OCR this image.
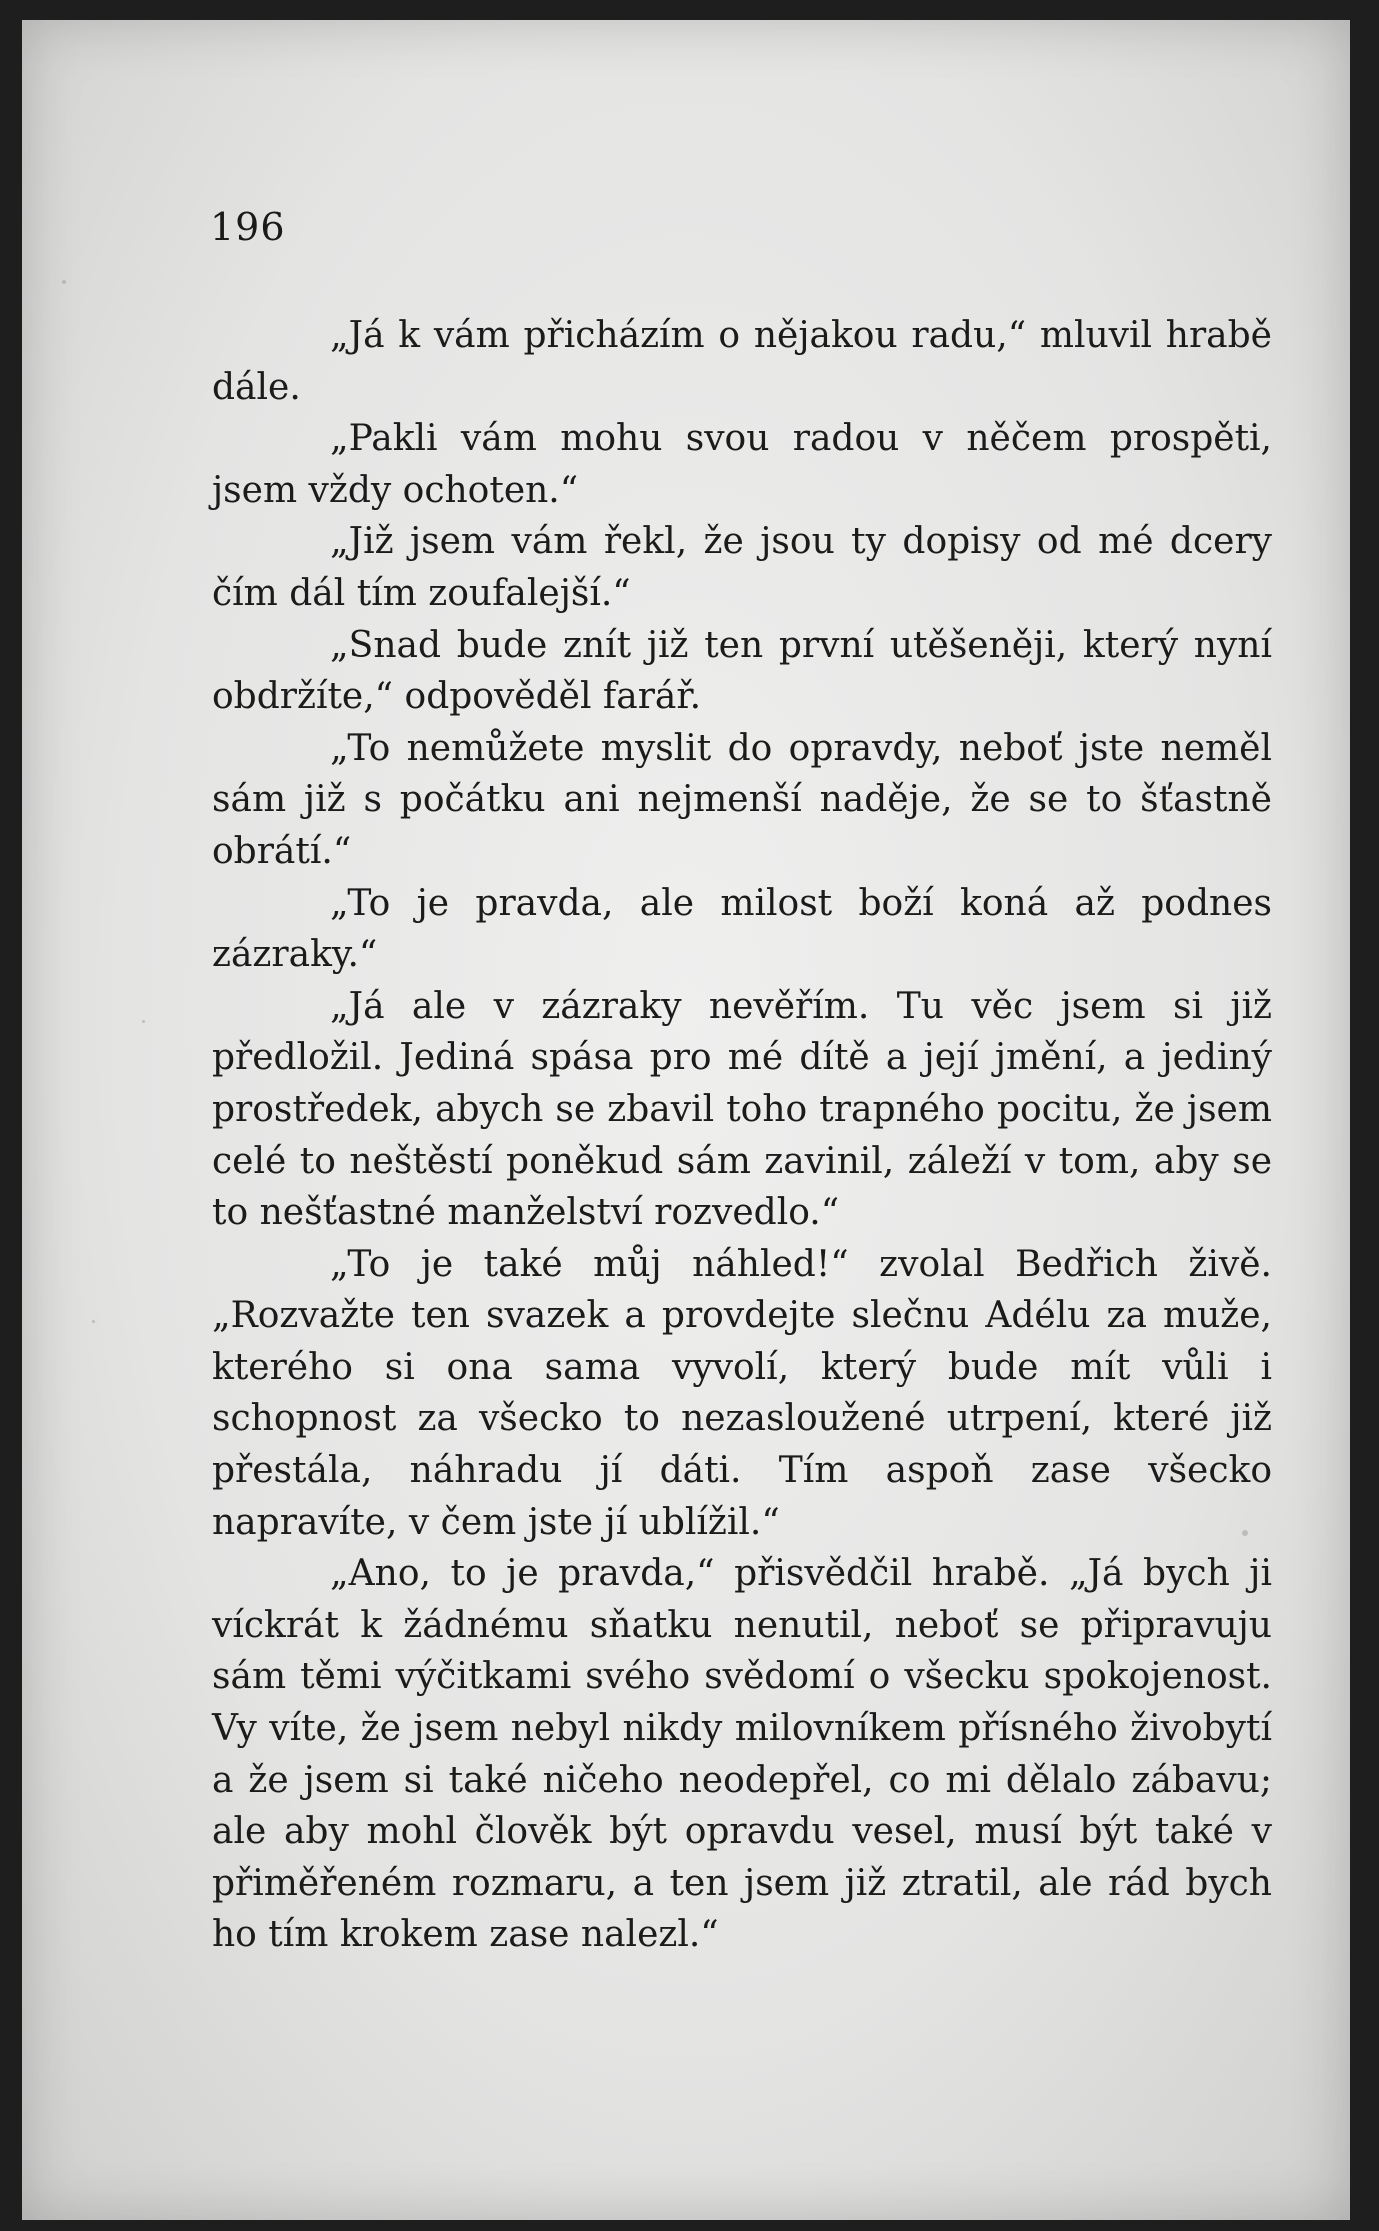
196

„Já k vám přicházím o nějakou radu,“ mluvil hrabě dále.

„Pakli vám mohu svou radou v něčem prospěti, jsem vždy ochoten.“

„Již jsem vám řekl, že jsou ty dopisy od mé dcery čím dál tím zoufalejší.“

„Snad bude znít již ten první utěšeněji, který nyní obdržíte,“ odpověděl farář.

„To nemůžete myslit do opravdy, neboť jste neměl sám již s počátku ani nejmenší naděje, že se to šťastně obrátí.“

„To je pravda, ale milost boží koná až podnes zázraky.“

„Já ale v zázraky nevěřím. Tu věc jsem si již předložil. Jediná spása pro mé dítě a její jmění, a jediný prostředek, abych se zbavil toho trapného pocitu, že jsem celé to neštěstí poněkud sám zavinil, záleží v tom, aby se to nešťastné manželství rozvedlo.“

„To je také můj náhled!“ zvolal Bedřich živě. „Rozvažte ten svazek a provdejte slečnu Adélu za muže, kterého si ona sama vyvolí, který bude mít vůli i schopnost za všecko to nezasloužené utrpení, které již přestála, náhradu jí dáti. Tím aspoň zase všecko napravíte, v čem jste jí ublížil.“

„Ano, to je pravda,“ přisvědčil hrabě. „Já bych ji víckrát k žádnému sňatku nenutil, neboť se připravuju sám těmi výčitkami svého svědomí o všecku spokojenost. Vy víte, že jsem nebyl nikdy milovníkem přísného živobytí a že jsem si také ničeho neodepřel, co mi dělalo zábavu; ale aby mohl člověk být opravdu vesel, musí být také v přiměřeném rozmaru, a ten jsem již ztratil, ale rád bych ho tím krokem zase nalezl.“
